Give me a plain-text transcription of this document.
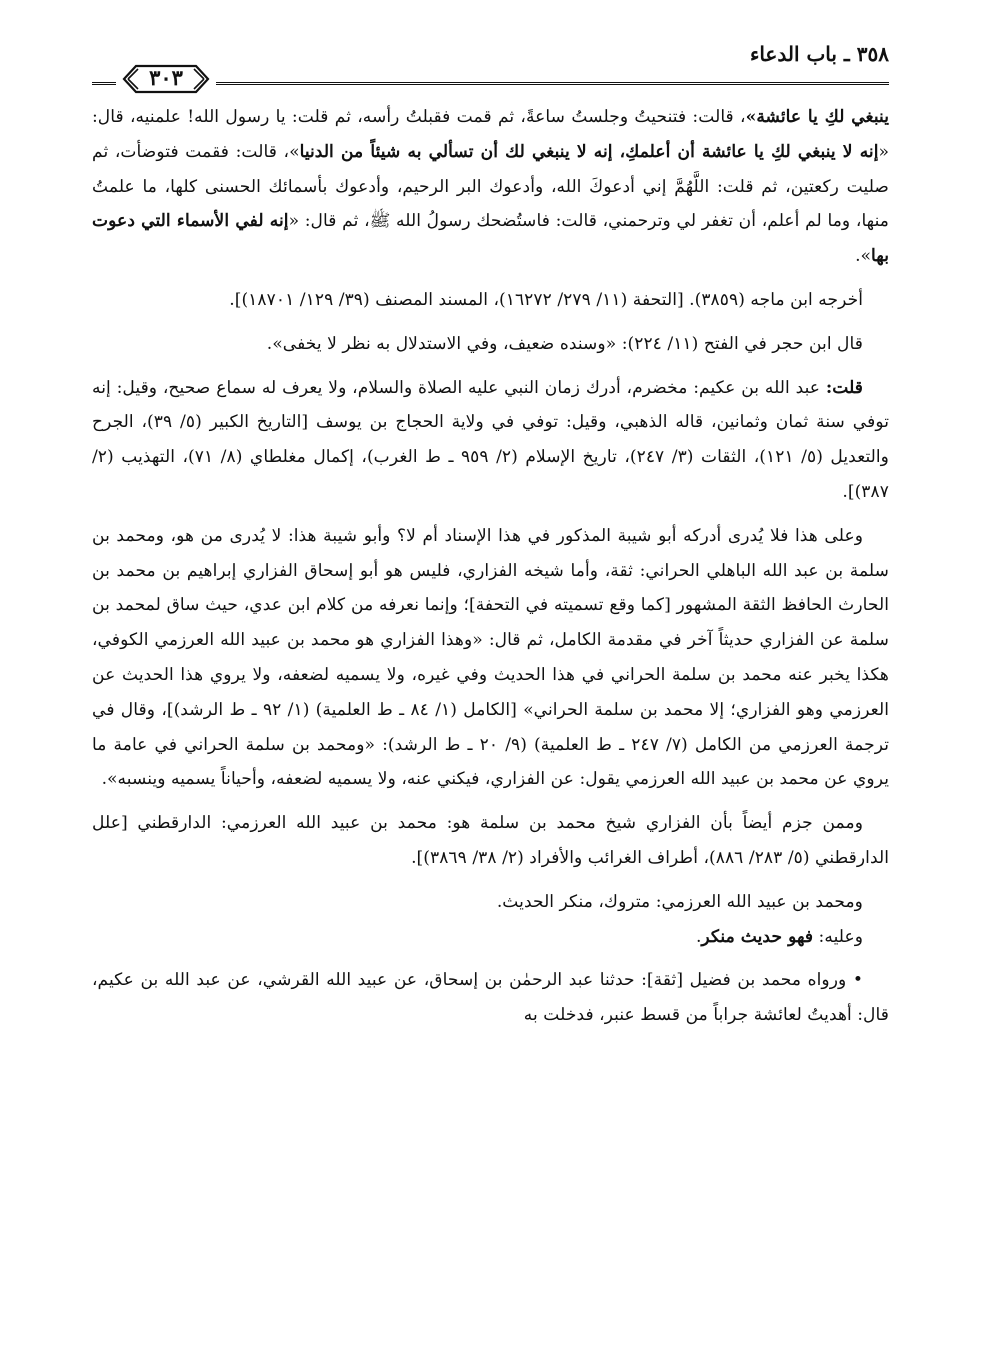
٣٥٨ ـ باب الدعاء
٣٠٣

ينبغي لكِ يا عائشة»، قالت: فتنحيتُ وجلستُ ساعةً، ثم قمت فقبلتُ رأسه، ثم قلت: يا رسول الله! علمنيه، قال: «إنه لا ينبغي لكِ يا عائشة أن أعلمكِ، إنه لا ينبغي لك أن تسألي به شيئاً من الدنيا»، قالت: فقمت فتوضأت، ثم صليت ركعتين، ثم قلت: اللَّهُمَّ إني أدعوكَ الله، وأدعوك البر الرحيم، وأدعوك بأسمائك الحسنى كلها، ما علمتُ منها، وما لم أعلم، أن تغفر لي وترحمني، قالت: فاستُضحك رسولُ الله ﷺ، ثم قال: «إنه لفي الأسماء التي دعوت بها».

أخرجه ابن ماجه (٣٨٥٩). [التحفة (١١/ ٢٧٩/ ١٦٢٧٢)، المسند المصنف (٣٩/ ١٢٩/ ١٨٧٠١)].

قال ابن حجر في الفتح (١١/ ٢٢٤): «وسنده ضعيف، وفي الاستدلال به نظر لا يخفى».

قلت: عبد الله بن عكيم: مخضرم، أدرك زمان النبي عليه الصلاة والسلام، ولا يعرف له سماع صحيح، وقيل: إنه توفي سنة ثمان وثمانين، قاله الذهبي، وقيل: توفي في ولاية الحجاج بن يوسف [التاريخ الكبير (٥/ ٣٩)، الجرح والتعديل (٥/ ١٢١)، الثقات (٣/ ٢٤٧)، تاريخ الإسلام (٢/ ٩٥٩ ـ ط الغرب)، إكمال مغلطاي (٨/ ٧١)، التهذيب (٢/ ٣٨٧)].

وعلى هذا فلا يُدرى أدركه أبو شيبة المذكور في هذا الإسناد أم لا؟ وأبو شيبة هذا: لا يُدرى من هو، ومحمد بن سلمة بن عبد الله الباهلي الحراني: ثقة، وأما شيخه الفزاري، فليس هو أبو إسحاق الفزاري إبراهيم بن محمد بن الحارث الحافظ الثقة المشهور [كما وقع تسميته في التحفة]؛ وإنما نعرفه من كلام ابن عدي، حيث ساق لمحمد بن سلمة عن الفزاري حديثاً آخر في مقدمة الكامل، ثم قال: «وهذا الفزاري هو محمد بن عبيد الله العرزمي الكوفي، هكذا يخبر عنه محمد بن سلمة الحراني في هذا الحديث وفي غيره، ولا يسميه لضعفه، ولا يروي هذا الحديث عن العرزمي وهو الفزاري؛ إلا محمد بن سلمة الحراني» [الكامل (١/ ٨٤ ـ ط العلمية) (١/ ٩٢ ـ ط الرشد)]، وقال في ترجمة العرزمي من الكامل (٧/ ٢٤٧ ـ ط العلمية) (٩/ ٢٠ ـ ط الرشد): «ومحمد بن سلمة الحراني في عامة ما يروي عن محمد بن عبيد الله العرزمي يقول: عن الفزاري، فيكني عنه، ولا يسميه لضعفه، وأحياناً يسميه وينسبه».

وممن جزم أيضاً بأن الفزاري شيخ محمد بن سلمة هو: محمد بن عبيد الله العرزمي: الدارقطني [علل الدارقطني (٥/ ٢٨٣/ ٨٨٦)، أطراف الغرائب والأفراد (٢/ ٣٨/ ٣٨٦٩)].

ومحمد بن عبيد الله العرزمي: متروك، منكر الحديث.

وعليه: فهو حديث منكر.

• ورواه محمد بن فضيل [ثقة]: حدثنا عبد الرحمٰن بن إسحاق، عن عبيد الله القرشي، عن عبد الله بن عكيم، قال: أهديتُ لعائشة جراباً من قسط عنبر، فدخلت به
